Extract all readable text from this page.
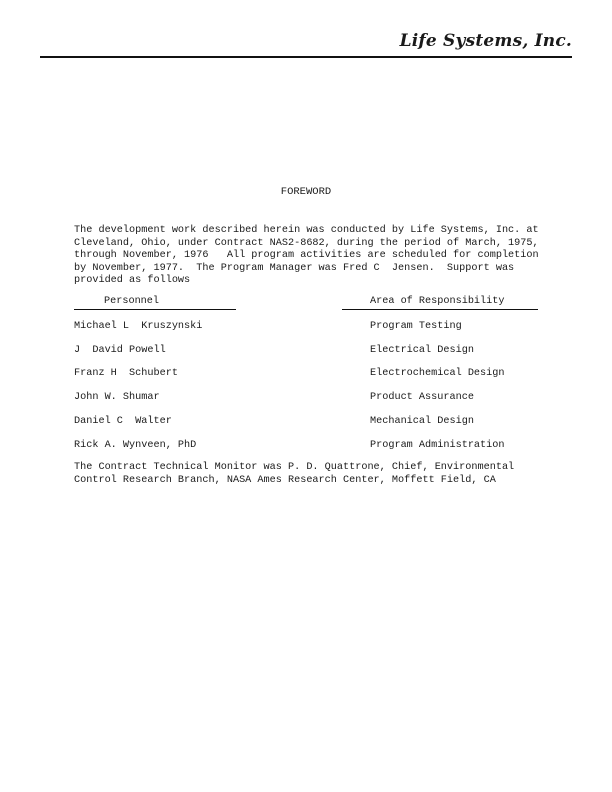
Life Systems, Inc.
FOREWORD
The development work described herein was conducted by Life Systems, Inc. at
Cleveland, Ohio, under Contract NAS2-8682, during the period of March, 1975,
through November, 1976   All program activities are scheduled for completion
by November, 1977.  The Program Manager was Fred C  Jensen.  Support was
provided as follows
Personnel	Area of Responsibility
Michael L  Kruszynski	Program Testing
J  David Powell	Electrical Design
Franz H  Schubert	Electrochemical Design
John W. Shumar	Product Assurance
Daniel C  Walter	Mechanical Design
Rick A. Wynveen, PhD	Program Administration
The Contract Technical Monitor was P. D. Quattrone, Chief, Environmental
Control Research Branch, NASA Ames Research Center, Moffett Field, CA
